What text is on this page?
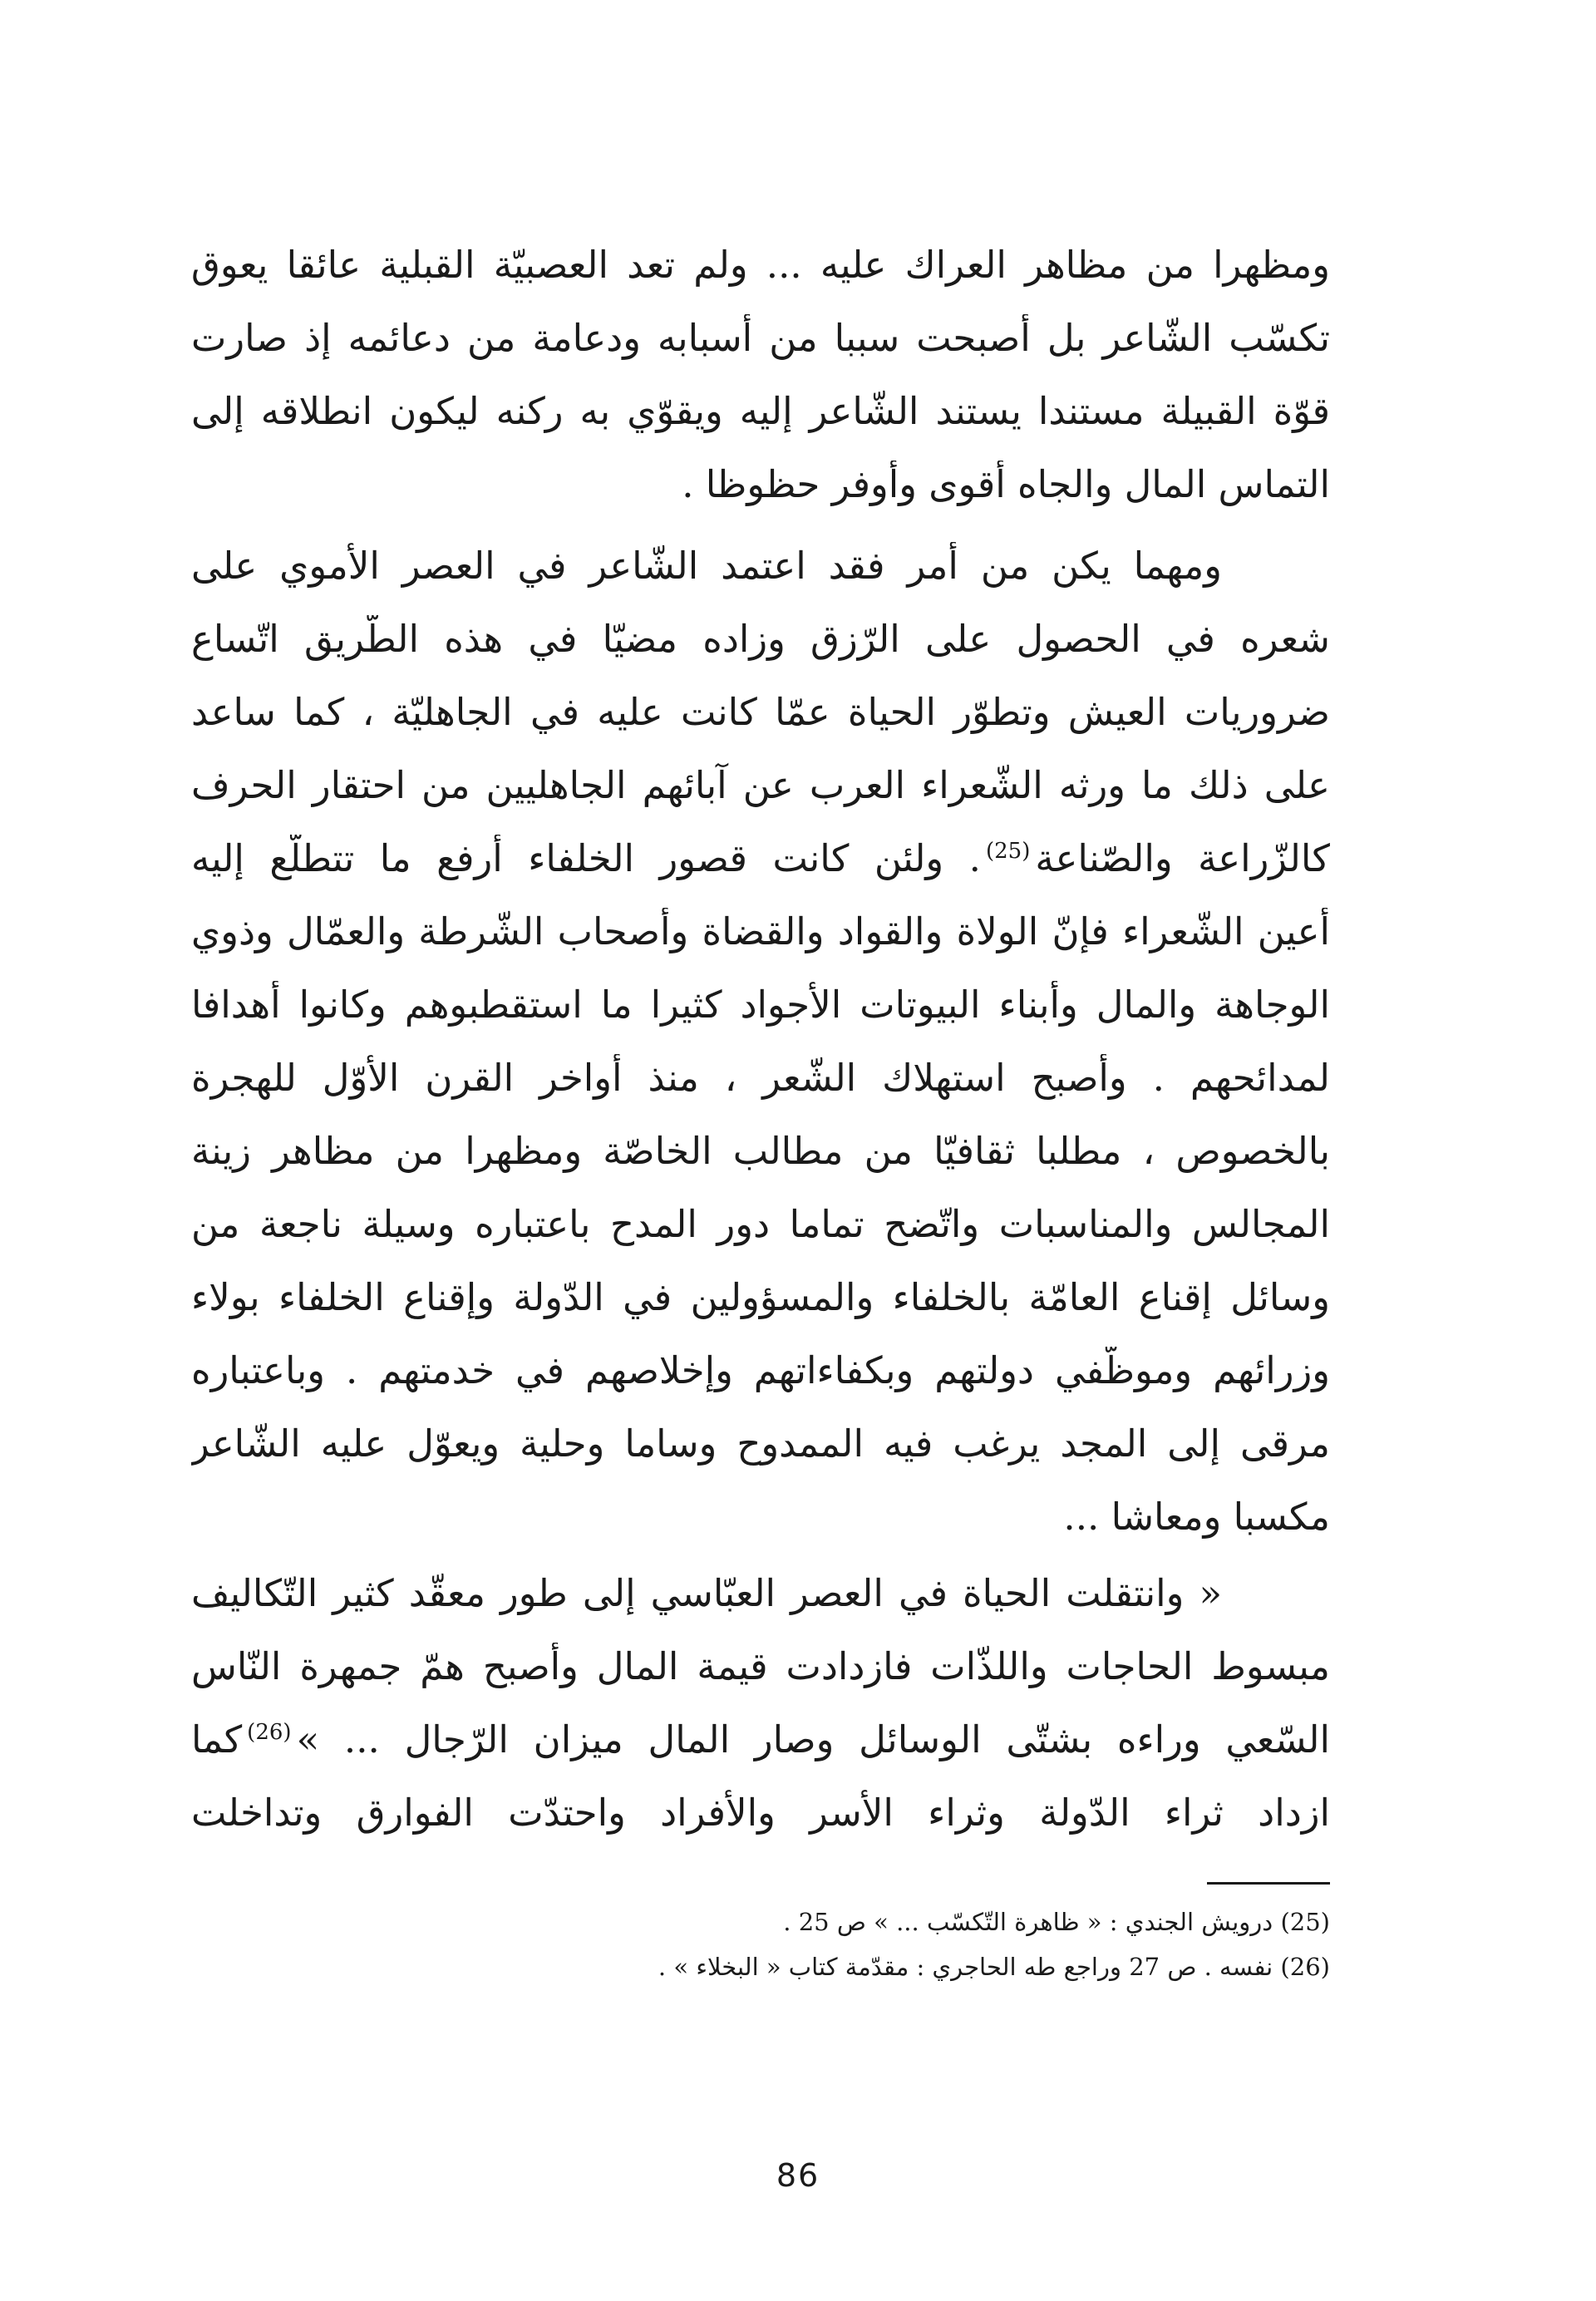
ومظهرا من مظاهر العراك عليه ... ولم تعد العصبيّة القبلية عائقا يعوق
تكسّب الشّاعر بل أصبحت سببا من أسبابه ودعامة من دعائمه إذ صارت
قوّة القبيلة مستندا يستند الشّاعر إليه ويقوّي به ركنه ليكون انطلاقه إلى
التماس المال والجاه أقوى وأوفر حظوظا .
ومهما يكن من أمر فقد اعتمد الشّاعر في العصر الأموي على
شعره في الحصول على الرّزق وزاده مضيّا في هذه الطّريق اتّساع
ضروريات العيش وتطوّر الحياة عمّا كانت عليه في الجاهليّة ، كما ساعد
على ذلك ما ورثه الشّعراء العرب عن آبائهم الجاهليين من احتقار الحرف
كالزّراعة والصّناعة(25). ولئن كانت قصور الخلفاء أرفع ما تتطلّع إليه
أعين الشّعراء فإنّ الولاة والقواد والقضاة وأصحاب الشّرطة والعمّال وذوي
الوجاهة والمال وأبناء البيوتات الأجواد كثيرا ما استقطبوهم وكانوا أهدافا
لمدائحهم . وأصبح استهلاك الشّعر ، منذ أواخر القرن الأوّل للهجرة
بالخصوص ، مطلبا ثقافيّا من مطالب الخاصّة ومظهرا من مظاهر زينة
المجالس والمناسبات واتّضح تماما دور المدح باعتباره وسيلة ناجعة من
وسائل إقناع العامّة بالخلفاء والمسؤولين في الدّولة وإقناع الخلفاء بولاء
وزرائهم وموظّفي دولتهم وبكفاءاتهم وإخلاصهم في خدمتهم . وباعتباره
مرقى إلى المجد يرغب فيه الممدوح وساما وحلية ويعوّل عليه الشّاعر
مكسبا ومعاشا ...
« وانتقلت الحياة في العصر العبّاسي إلى طور معقّد كثير التّكاليف
مبسوط الحاجات واللذّات فازدادت قيمة المال وأصبح همّ جمهرة النّاس
السّعي وراءه بشتّى الوسائل وصار المال ميزان الرّجال ... »(26)كما
ازداد ثراء الدّولة وثراء الأسر والأفراد واحتدّت الفوارق وتداخلت
(25) درويش الجندي : « ظاهرة التّكسّب ... » ص 25 .
(26) نفسه . ص 27 وراجع طه الحاجري : مقدّمة كتاب « البخلاء » .
86
